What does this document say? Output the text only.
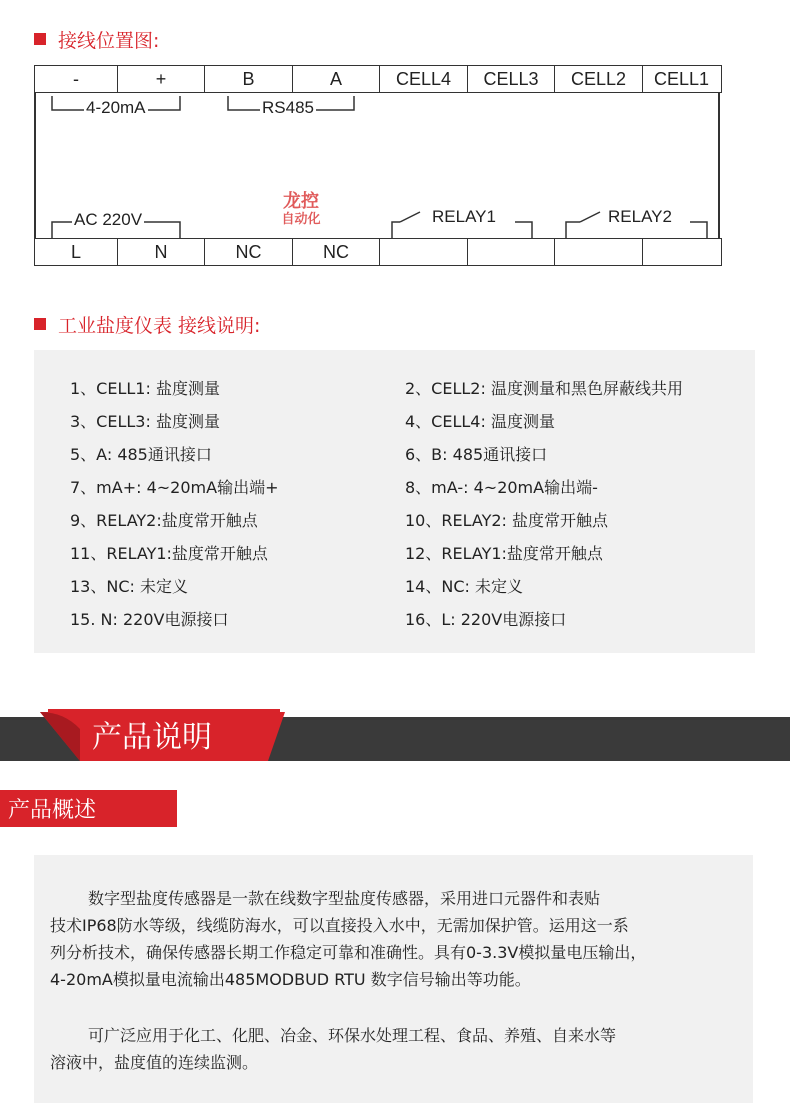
接线位置图:
-	+	B	A	CELL4	CELL3	CELL2	CELL1
L	N	NC	NC
4-20mA	RS485
AC 220V	RELAY1	RELAY2
龙控
自动化
工业盐度仪表 接线说明:
1、CELL1: 盐度测量	2、CELL2: 温度测量和黑色屏蔽线共用
3、CELL3: 盐度测量	4、CELL4: 温度测量
5、A: 485通讯接口	6、B: 485通讯接口
7、mA+: 4~20mA输出端+	8、mA-: 4~20mA输出端-
9、RELAY2:盐度常开触点	10、RELAY2: 盐度常开触点
11、RELAY1:盐度常开触点	12、RELAY1:盐度常开触点
13、NC: 未定义	14、NC: 未定义
15. N: 220V电源接口	16、L: 220V电源接口
产品说明
产品概述
数字型盐度传感器是一款在线数字型盐度传感器，采用进口元器件和表贴
技术IP68防水等级，线缆防海水，可以直接投入水中，无需加保护管。运用这一系
列分析技术，确保传感器长期工作稳定可靠和准确性。具有0-3.3V模拟量电压输出，
4-20mA模拟量电流输出485MODBUD RTU 数字信号输出等功能。
可广泛应用于化工、化肥、冶金、环保水处理工程、食品、养殖、自来水等
溶液中，盐度值的连续监测。
